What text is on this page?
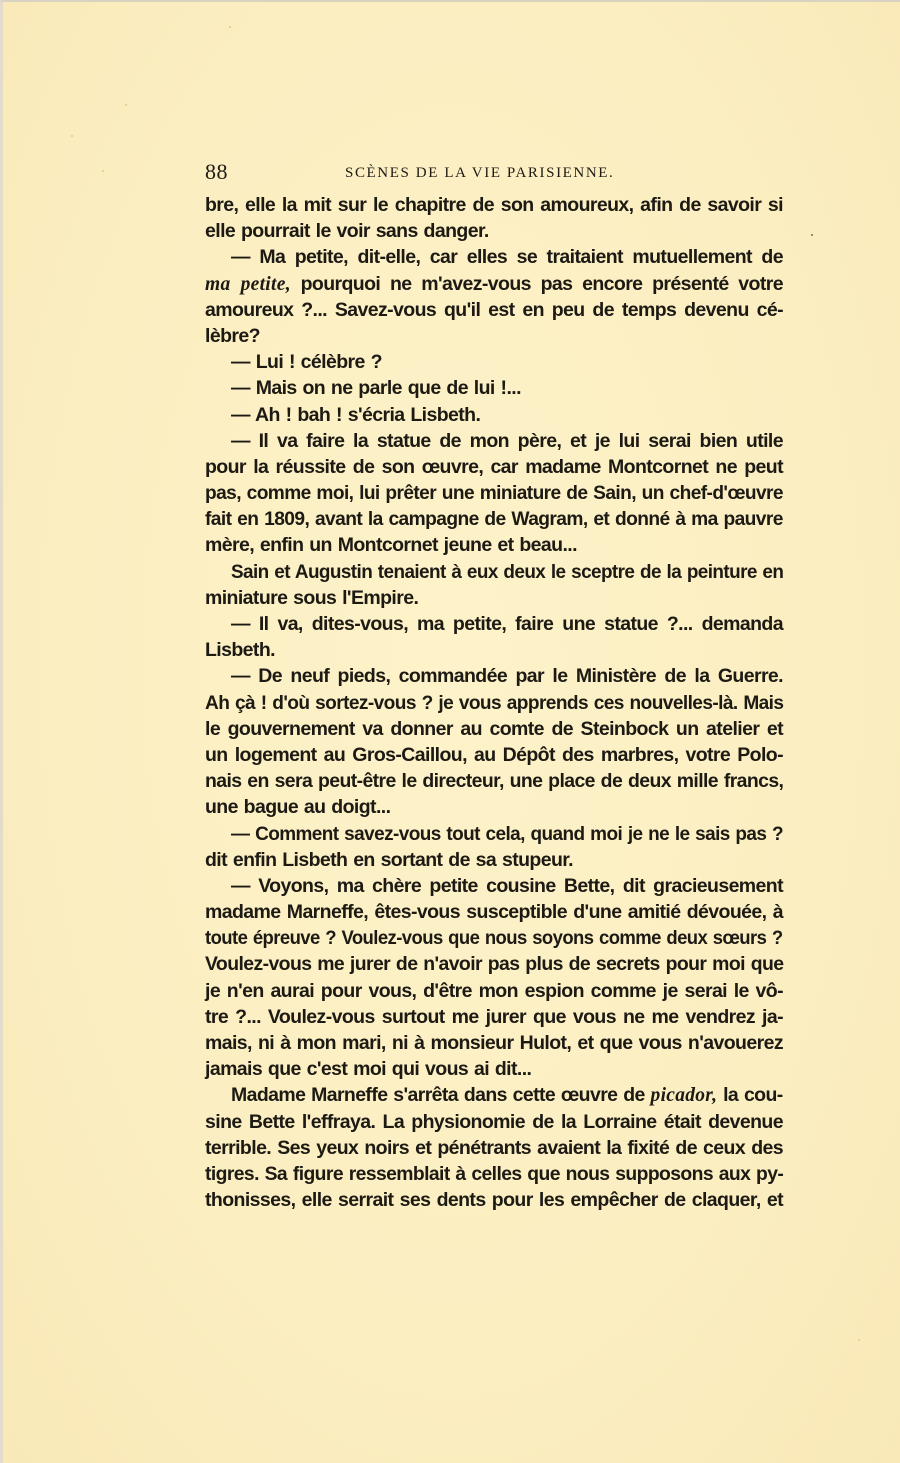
88	SCÈNES DE LA VIE PARISIENNE.
bre, elle la mit sur le chapitre de son amoureux, afin de savoir si
elle pourrait le voir sans danger.
— Ma petite, dit-elle, car elles se traitaient mutuellement de
ma petite, pourquoi ne m'avez-vous pas encore présenté votre
amoureux ?... Savez-vous qu'il est en peu de temps devenu cé-
lèbre?
— Lui ! célèbre ?
— Mais on ne parle que de lui !...
— Ah ! bah ! s'écria Lisbeth.
— Il va faire la statue de mon père, et je lui serai bien utile
pour la réussite de son œuvre, car madame Montcornet ne peut
pas, comme moi, lui prêter une miniature de Sain, un chef-d'œuvre
fait en 1809, avant la campagne de Wagram, et donné à ma pauvre
mère, enfin un Montcornet jeune et beau...
Sain et Augustin tenaient à eux deux le sceptre de la peinture en
miniature sous l'Empire.
— Il va, dites-vous, ma petite, faire une statue ?... demanda
Lisbeth.
— De neuf pieds, commandée par le Ministère de la Guerre.
Ah çà ! d'où sortez-vous ? je vous apprends ces nouvelles-là. Mais
le gouvernement va donner au comte de Steinbock un atelier et
un logement au Gros-Caillou, au Dépôt des marbres, votre Polo-
nais en sera peut-être le directeur, une place de deux mille francs,
une bague au doigt...
— Comment savez-vous tout cela, quand moi je ne le sais pas ?
dit enfin Lisbeth en sortant de sa stupeur.
— Voyons, ma chère petite cousine Bette, dit gracieusement
madame Marneffe, êtes-vous susceptible d'une amitié dévouée, à
toute épreuve ? Voulez-vous que nous soyons comme deux sœurs ?
Voulez-vous me jurer de n'avoir pas plus de secrets pour moi que
je n'en aurai pour vous, d'être mon espion comme je serai le vô-
tre ?... Voulez-vous surtout me jurer que vous ne me vendrez ja-
mais, ni à mon mari, ni à monsieur Hulot, et que vous n'avouerez
jamais que c'est moi qui vous ai dit...
Madame Marneffe s'arrêta dans cette œuvre de picador, la cou-
sine Bette l'effraya. La physionomie de la Lorraine était devenue
terrible. Ses yeux noirs et pénétrants avaient la fixité de ceux des
tigres. Sa figure ressemblait à celles que nous supposons aux py-
thonisses, elle serrait ses dents pour les empêcher de claquer, et
